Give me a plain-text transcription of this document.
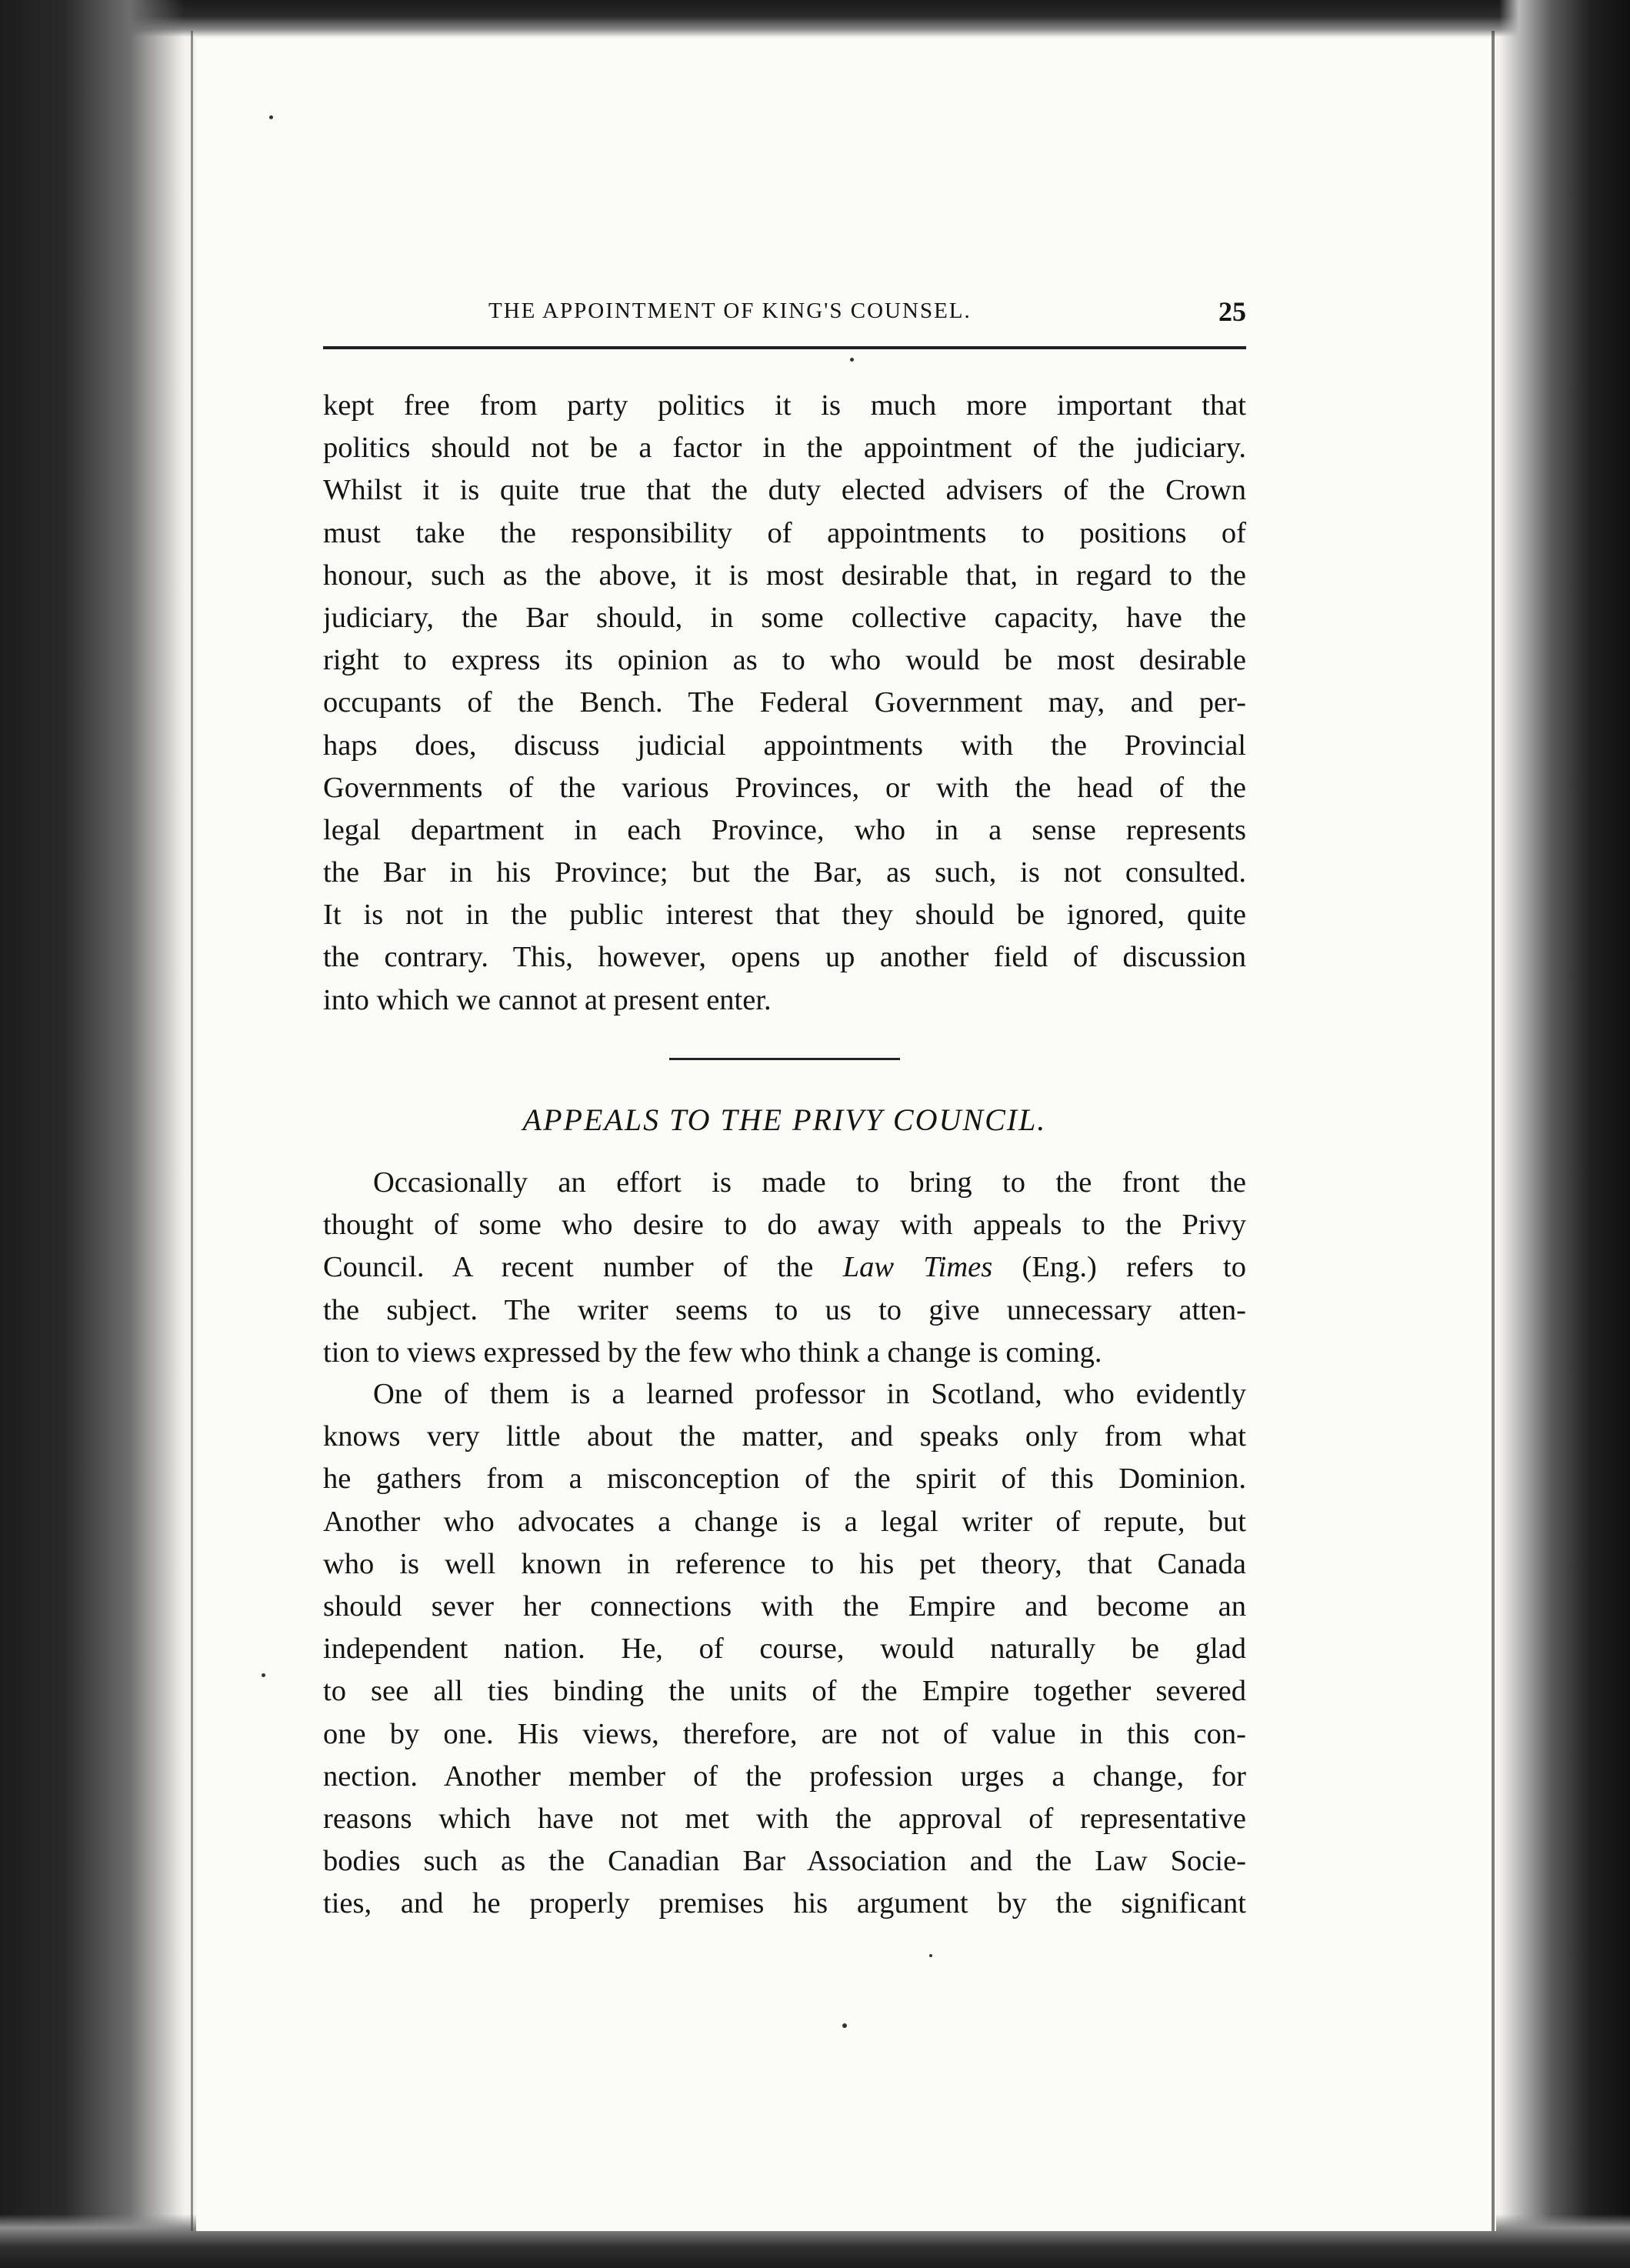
THE APPOINTMENT OF KING'S COUNSEL.	25
kept free from party politics it is much more important that
politics should not be a factor in the appointment of the judiciary.
Whilst it is quite true that the duty elected advisers of the Crown
must take the responsibility of appointments to positions of
honour, such as the above, it is most desirable that, in regard to the
judiciary, the Bar should, in some collective capacity, have the
right to express its opinion as to who would be most desirable
occupants of the Bench. The Federal Government may, and per-
haps does, discuss judicial appointments with the Provincial
Governments of the various Provinces, or with the head of the
legal department in each Province, who in a sense represents
the Bar in his Province; but the Bar, as such, is not consulted.
It is not in the public interest that they should be ignored, quite
the contrary. This, however, opens up another field of discussion
into which we cannot at present enter.
APPEALS TO THE PRIVY COUNCIL.
Occasionally an effort is made to bring to the front the
thought of some who desire to do away with appeals to the Privy
Council. A recent number of the Law Times (Eng.) refers to
the subject. The writer seems to us to give unnecessary atten-
tion to views expressed by the few who think a change is coming.
One of them is a learned professor in Scotland, who evidently
knows very little about the matter, and speaks only from what
he gathers from a misconception of the spirit of this Dominion.
Another who advocates a change is a legal writer of repute, but
who is well known in reference to his pet theory, that Canada
should sever her connections with the Empire and become an
independent nation. He, of course, would naturally be glad
to see all ties binding the units of the Empire together severed
one by one. His views, therefore, are not of value in this con-
nection. Another member of the profession urges a change, for
reasons which have not met with the approval of representative
bodies such as the Canadian Bar Association and the Law Socie-
ties, and he properly premises his argument by the significant
